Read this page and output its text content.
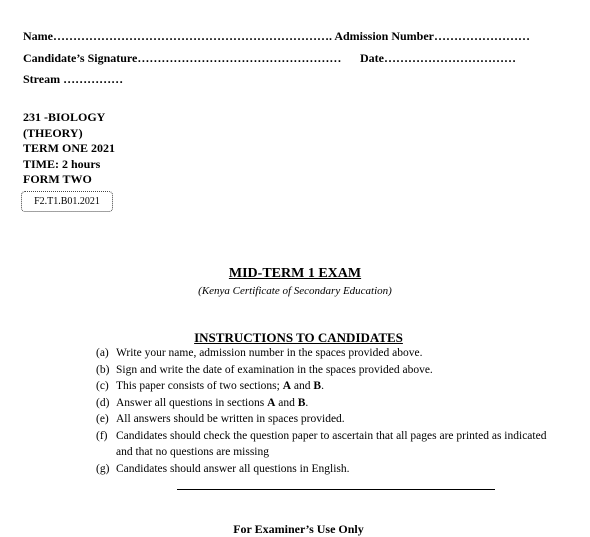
Name……………………………………………………………. Admission Number……………………
Candidate’s Signature…………………………………………… Date……………………………
Stream ……………
231 -BIOLOGY
(THEORY)
TERM ONE 2021
TIME: 2 hours
FORM TWO
F2.T1.B01.2021
MID-TERM 1 EXAM
(Kenya Certificate of Secondary Education)
INSTRUCTIONS TO CANDIDATES
(a) Write your name, admission number in the spaces provided above.
(b) Sign and write the date of examination in the spaces provided above.
(c) This paper consists of two sections; A and B.
(d) Answer all questions in sections A and B.
(e) All answers should be written in spaces provided.
(f) Candidates should check the question paper to ascertain that all pages are printed as indicated and that no questions are missing
(g) Candidates should answer all questions in English.
For Examiner’s Use Only
